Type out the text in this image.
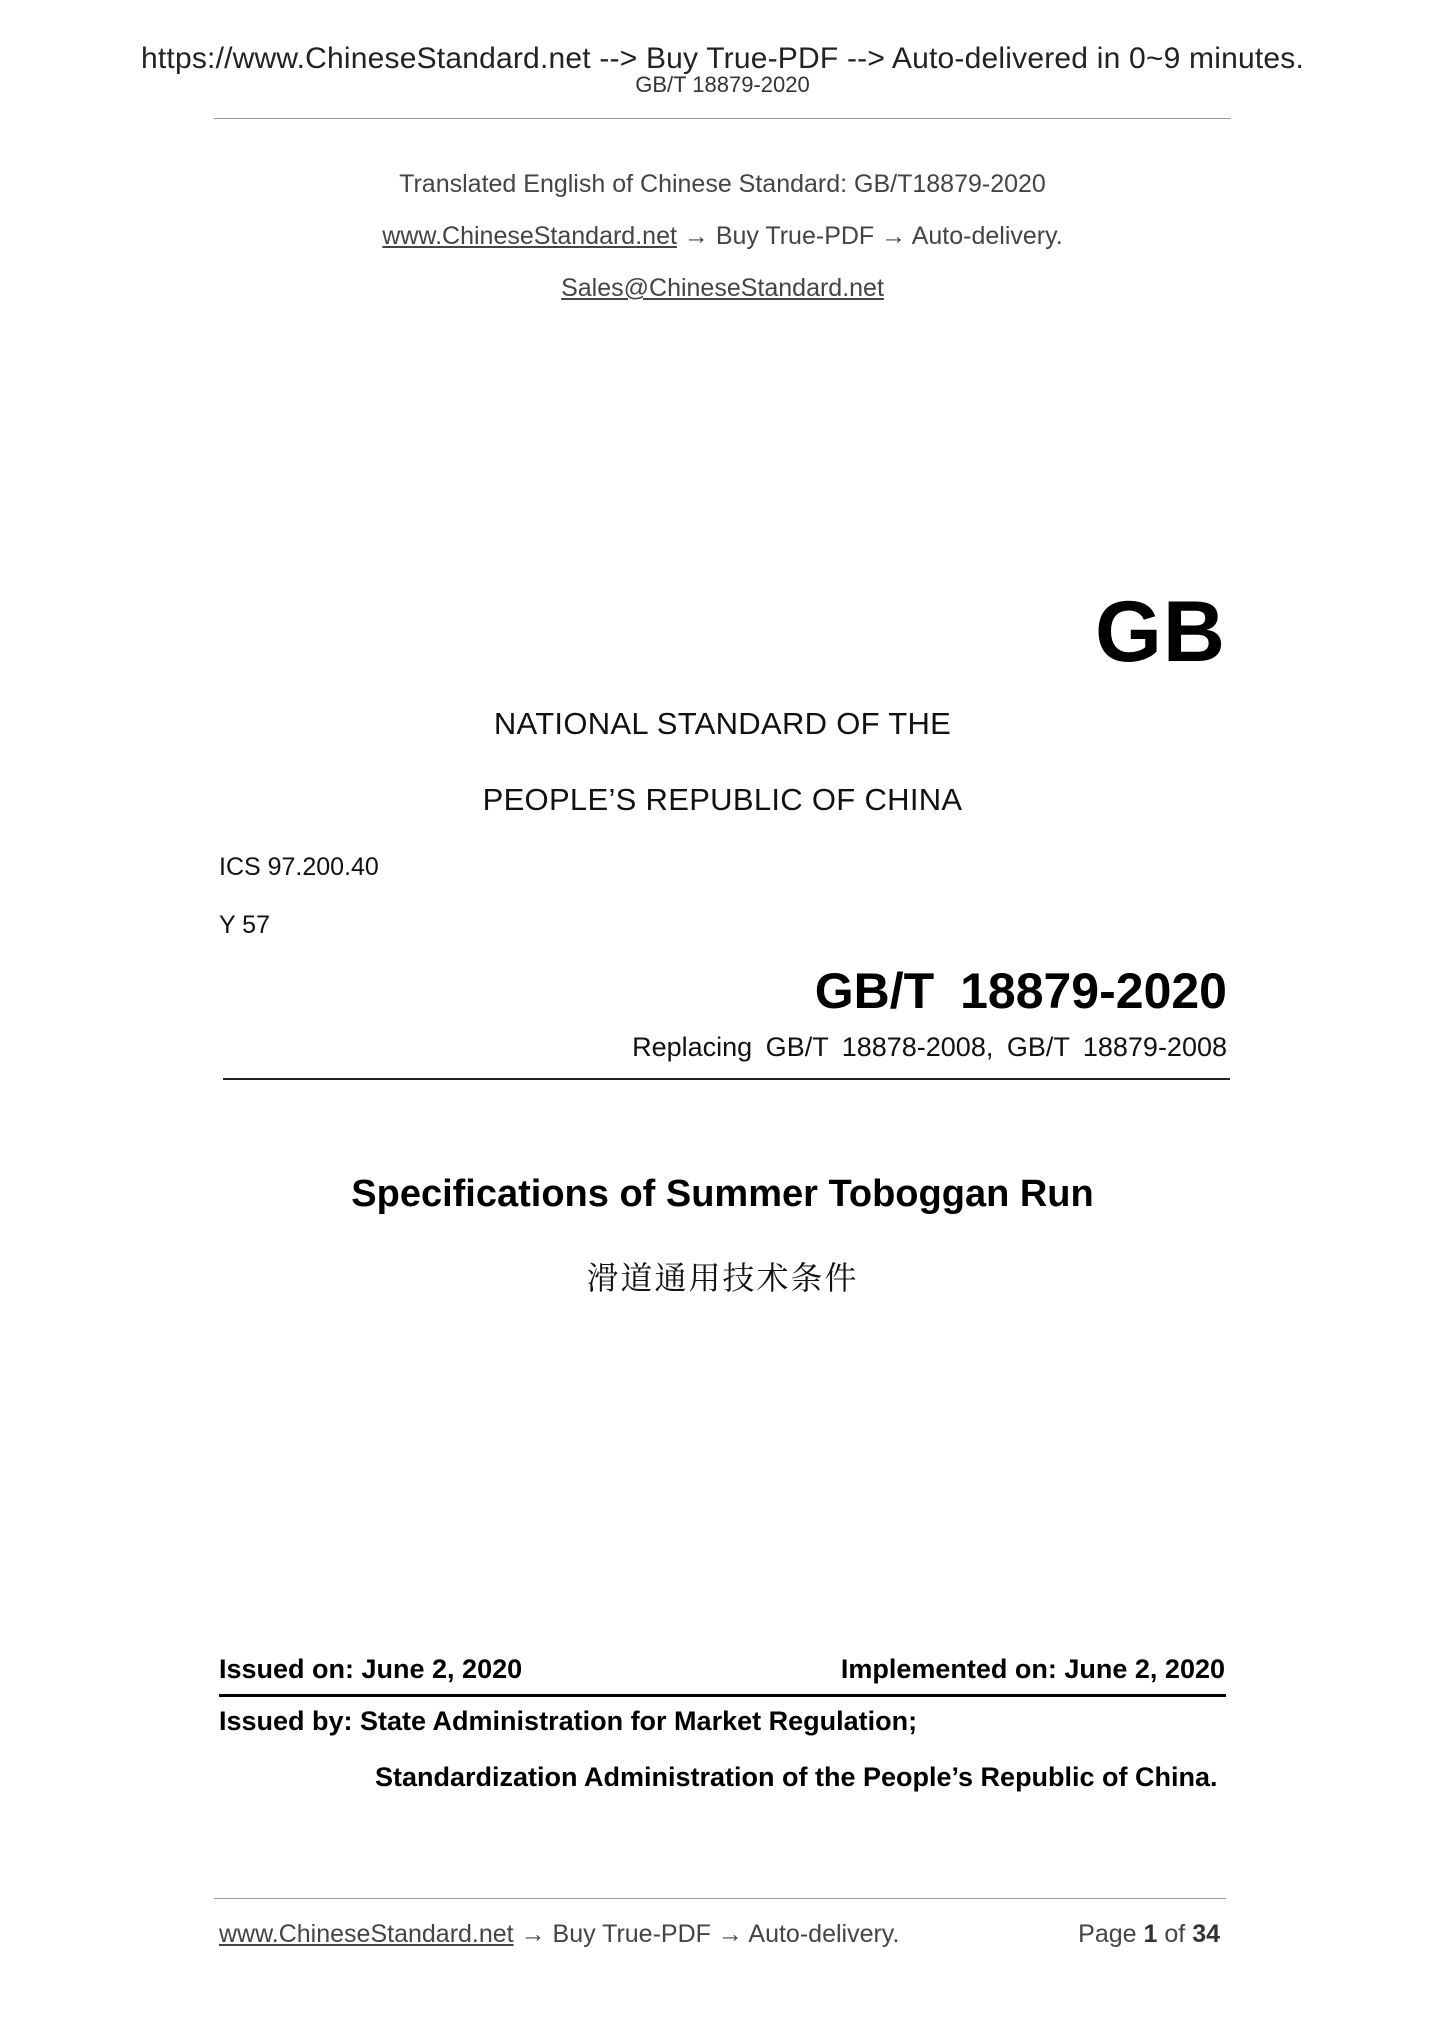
https://www.ChineseStandard.net --> Buy True-PDF --> Auto-delivered in 0~9 minutes.
GB/T 18879-2020
Translated English of Chinese Standard: GB/T18879-2020
www.ChineseStandard.net → Buy True-PDF → Auto-delivery.
Sales@ChineseStandard.net
GB
NATIONAL STANDARD OF THE
PEOPLE’S REPUBLIC OF CHINA
ICS 97.200.40
Y 57
GB/T 18879-2020
Replacing GB/T 18878-2008, GB/T 18879-2008
Specifications of Summer Toboggan Run
滑道通用技术条件
Issued on: June 2, 2020	Implemented on: June 2, 2020
Issued by: State Administration for Market Regulation;
Standardization Administration of the People’s Republic of China.
www.ChineseStandard.net → Buy True-PDF → Auto-delivery.	Page 1 of 34
